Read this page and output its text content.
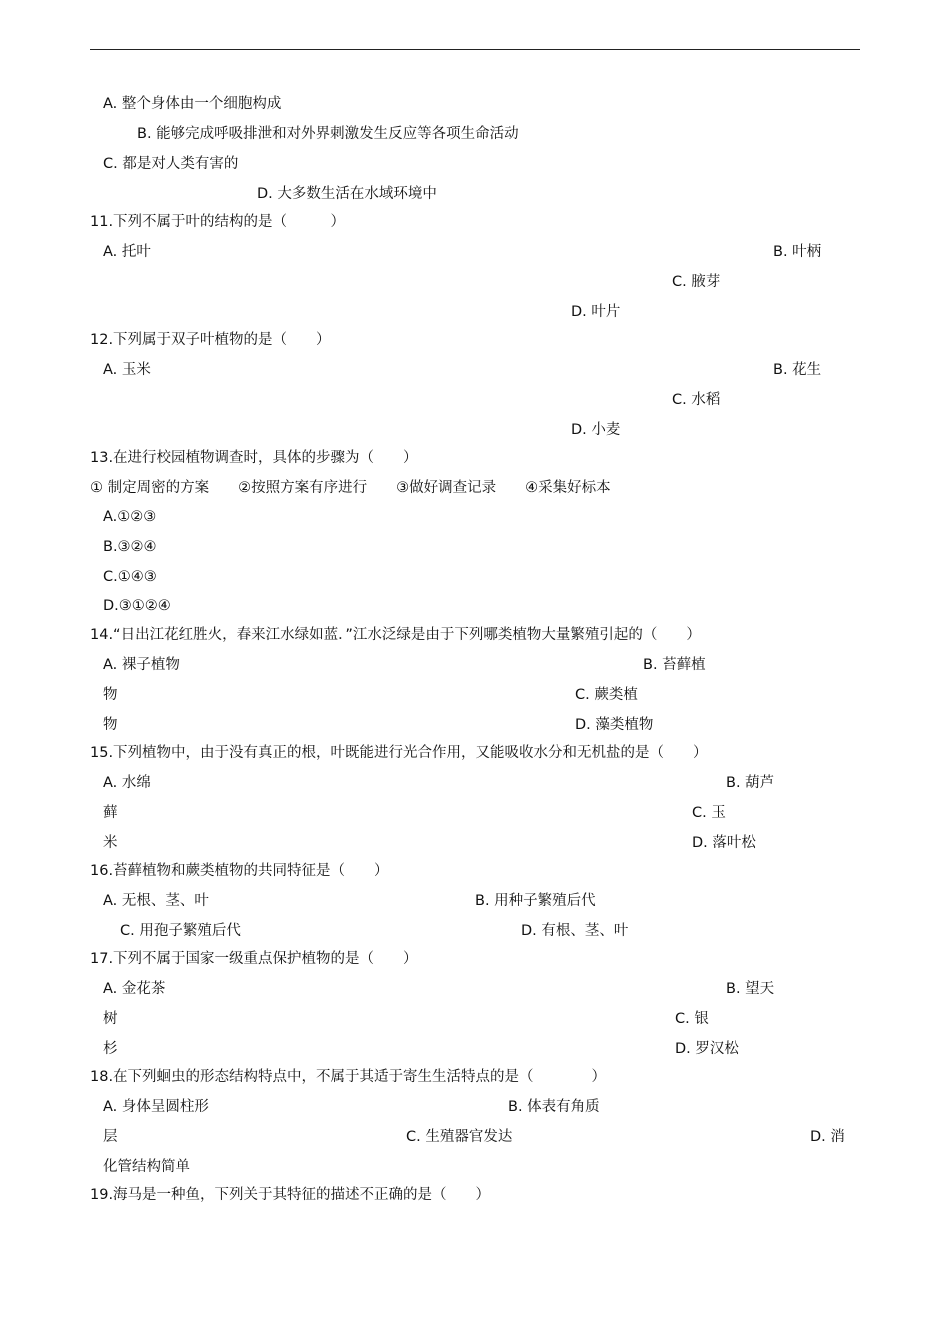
A. 整个身体由一个细胞构成
B. 能够完成呼吸排泄和对外界刺激发生反应等各项生命活动
C. 都是对人类有害的
D. 大多数生活在水域环境中
11.下列不属于叶的结构的是（　　　）
A. 托叶	B. 叶柄
C. 腋芽
D. 叶片
12.下列属于双子叶植物的是（　　）
A. 玉米	B. 花生
C. 水稻
D. 小麦
13.在进行校园植物调查时，具体的步骤为（　　）
① 制定周密的方案　　②按照方案有序进行　　③做好调查记录　　④采集好标本
A.①②③
B.③②④
C.①④③
D.③①②④
14.“日出江花红胜火，春来江水绿如蓝．”江水泛绿是由于下列哪类植物大量繁殖引起的（　　）
A. 裸子植物	B. 苔藓植
物	C. 蕨类植
物	D. 藻类植物
15.下列植物中，由于没有真正的根，叶既能进行光合作用，又能吸收水分和无机盐的是（　　）
A. 水绵	B. 葫芦
藓	C. 玉
米	D. 落叶松
16.苔藓植物和蕨类植物的共同特征是（　　）
A. 无根、茎、叶	B. 用种子繁殖后代
C. 用孢子繁殖后代	D. 有根、茎、叶
17.下列不属于国家一级重点保护植物的是（　　）
A. 金花茶	B. 望天
树	C. 银
杉	D. 罗汉松
18.在下列蛔虫的形态结构特点中，不属于其适于寄生生活特点的是（　　　　）
A. 身体呈圆柱形	B. 体表有角质
层	C. 生殖器官发达	D. 消
化管结构简单
19.海马是一种鱼，下列关于其特征的描述不正确的是（　　）
